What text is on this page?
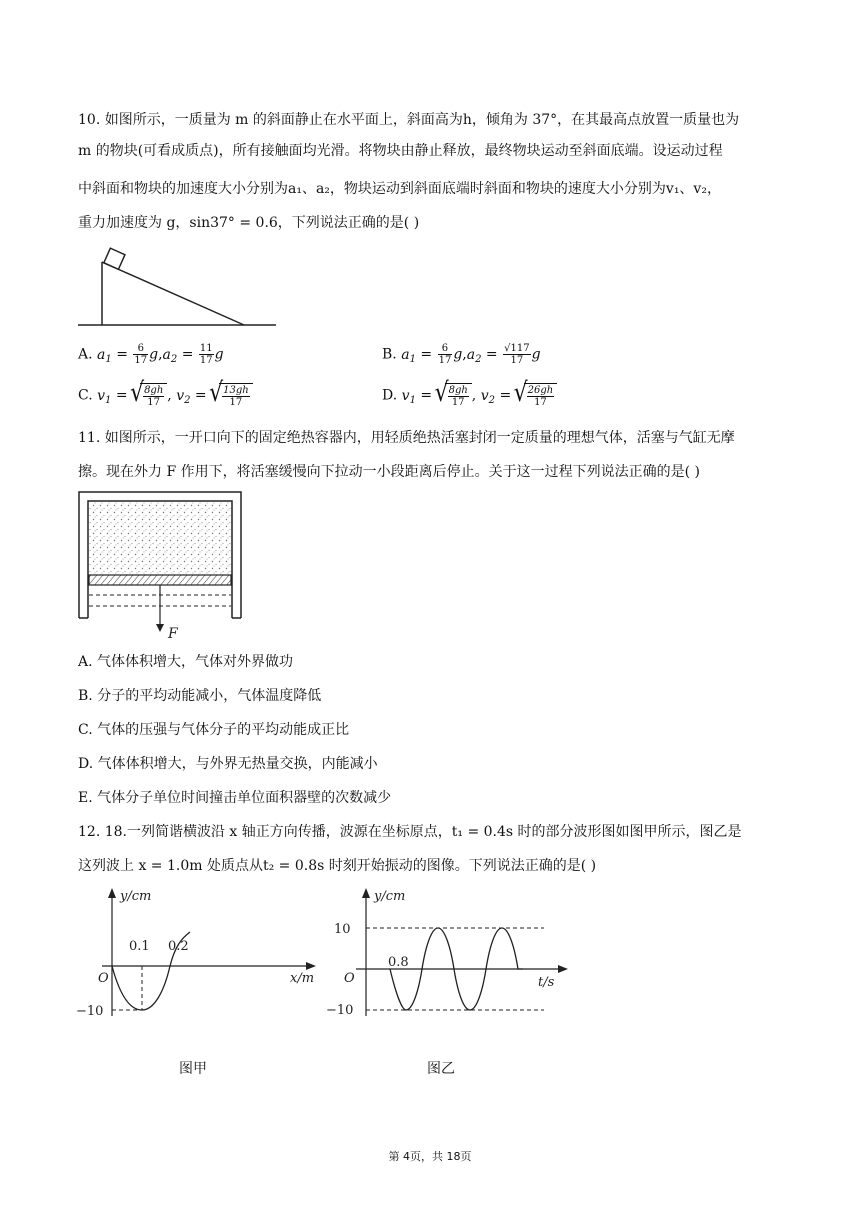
10. 如图所示，一质量为 m 的斜面静止在水平面上，斜面高为h，倾角为 37°，在其最高点放置一质量也为
m 的物块(可看成质点)，所有接触面均光滑。将物块由静止释放，最终物块运动至斜面底端。设运动过程
中斜面和物块的加速度大小分别为a₁、a₂，物块运动到斜面底端时斜面和物块的速度大小分别为v₁、v₂，
重力加速度为 g，sin37° = 0.6，下列说法正确的是( )
A. $a_1 = \frac{6}{17} g,a_2 = \frac{11}{17}$ g	B. $a_1 = \frac{6}{17} g,a_2 = \frac{√117}{17}$ g
C. $v_1$ = √ $\frac{8gh}{17}$ , $v_2$ = √ $\frac{13gh}{17}$	D. $v_1$ = √ $\frac{8gh}{17}$ , $v_2$ = √ $\frac{26gh}{17}$
11. 如图所示，一开口向下的固定绝热容器内，用轻质绝热活塞封闭一定质量的理想气体，活塞与气缸无摩
擦。现在外力 F 作用下，将活塞缓慢向下拉动一小段距离后停止。关于这一过程下列说法正确的是( )
F
A. 气体体积增大，气体对外界做功
B. 分子的平均动能减小，气体温度降低
C. 气体的压强与气体分子的平均动能成正比
D. 气体体积增大，与外界无热量交换，内能减小
E. 气体分子单位时间撞击单位面积器壁的次数减少
12. 18.一列简谐横波沿 x 轴正方向传播，波源在坐标原点，t₁ = 0.4s 时的部分波形图如图甲所示，图乙是
这列波上 x = 1.0m 处质点从t₂ = 0.8s 时刻开始振动的图像。下列说法正确的是( )
y/cm
x/m
O
0.1 0.2
−10
图甲
y/cm
t/s
O
0.8
10
−10
图乙
第 4页，共 18页
